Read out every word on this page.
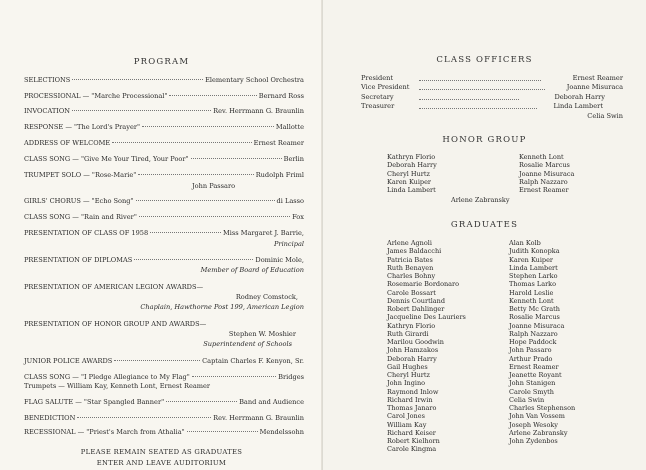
PROGRAM
SELECTIONS	Elementary School Orchestra
PROCESSIONAL — "Marche Processional"	Bernard Ross
INVOCATION	Rev. Herrmann G. Braunlin
RESPONSE — "The Lord's Prayer"	Mallotte
ADDRESS OF WELCOME	Ernest Reamer
CLASS SONG — "Give Me Your Tired, Your Poor"	Berlin
TRUMPET SOLO — "Rose-Marie"	Rudolph Friml
John Passaro
GIRLS' CHORUS — "Echo Song"	di Lasso
CLASS SONG — "Rain and River"	Fox
PRESENTATION OF CLASS OF 1958	Miss Margaret J. Barrie,
Principal
PRESENTATION OF DIPLOMAS	Dominic Mole,
Member of Board of Education
PRESENTATION OF AMERICAN LEGION AWARDS—
Rodney Comstock,
Chaplain, Hawthorne Post 199, American Legion
PRESENTATION OF HONOR GROUP AND AWARDS—
Stephen W. Moshier
Superintendent of Schools
JUNIOR POLICE AWARDS	Captain Charles F. Kenyon, Sr.
CLASS SONG — "I Pledge Allegiance to My Flag"	Bridges
Trumpets — William Kay, Kenneth Lont, Ernest Reamer
FLAG SALUTE — "Star Spangled Banner"	Band and Audience
BENEDICTION	Rev. Herrmann G. Braunlin
RECESSIONAL — "Priest's March from Athalia"	Mendelssohn
PLEASE REMAIN SEATED AS GRADUATES
ENTER AND LEAVE AUDITORIUM
CLASS OFFICERS
President	Ernest Reamer
Vice President	Joanne Misuraca
Secretary	Deborah Harry
Treasurer	Linda Lambert
Celia Swin
HONOR GROUP
Kathryn Florio
Deborah Harry
Cheryl Hurtz
Karen Kuiper
Linda Lambert
Kenneth Lont
Rosalie Marcus
Joanne Misuraca
Ralph Nazzaro
Ernest Reamer
Arlene Zabransky
GRADUATES
Arlene Agnoli
James Baldacchi
Patricia Bates
Ruth Benayen
Charles Bohny
Rosemarie Bordonaro
Carole Bossart
Dennis Courtland
Robert Dahlinger
Jacqueline Des Lauriers
Kathryn Florio
Ruth Girardi
Marilou Goodwin
John Hamzakos
Deborah Harry
Gail Hughes
Cheryl Hurtz
John Ingino
Raymond Inlow
Richard Irwin
Thomas Janaro
Carol Jones
William Kay
Richard Keiser
Robert Kielhorn
Carole Kingma
Alan Kolb
Judith Konopka
Karen Kuiper
Linda Lambert
Stephen Larko
Thomas Larko
Harold Leslie
Kenneth Lont
Betty Mc Grath
Rosalie Marcus
Joanne Misuraca
Ralph Nazzaro
Hope Paddock
John Passaro
Arthur Prado
Ernest Reamer
Jeanette Royant
John Stanigen
Carole Smyth
Celia Swin
Charles Stephenson
John Van Vossem
Joseph Wesoky
Arlene Zabransky
John Zydenbos
